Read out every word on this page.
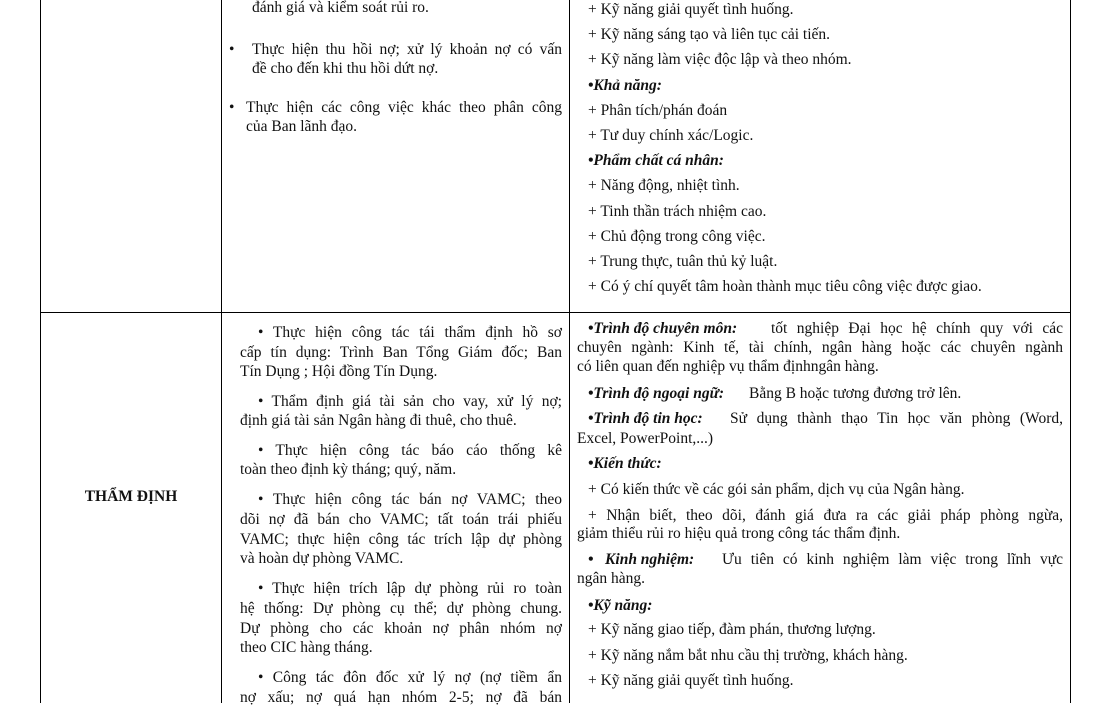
đánh giá và kiểm soát rủi ro.
• Thực hiện thu hồi nợ; xử lý khoản nợ có vấn
đề cho đến khi thu hồi dứt nợ.
• Thực hiện các công việc khác theo phân công
của Ban lãnh đạo.
+ Kỹ năng giải quyết tình huống.
+ Kỹ năng sáng tạo và liên tục cải tiến.
+ Kỹ năng làm việc độc lập và theo nhóm.
•Khả năng:
+ Phân tích/phán đoán
+ Tư duy chính xác/Logic.
•Phẩm chất cá nhân:
+ Năng động, nhiệt tình.
+ Tinh thần trách nhiệm cao.
+ Chủ động trong công việc.
+ Trung thực, tuân thủ kỷ luật.
+ Có ý chí quyết tâm hoàn thành mục tiêu công việc được giao.
THẨM ĐỊNH
• Thực hiện công tác tái thẩm định hồ sơ
cấp tín dụng: Trình Ban Tổng Giám đốc; Ban
Tín Dụng ; Hội đồng Tín Dụng.
• Thẩm định giá tài sản cho vay, xử lý nợ;
định giá tài sản Ngân hàng đi thuê, cho thuê.
• Thực hiện công tác báo cáo thống kê
toàn theo định kỳ tháng; quý, năm.
• Thực hiện công tác bán nợ VAMC; theo
dõi nợ đã bán cho VAMC; tất toán trái phiếu
VAMC; thực hiện công tác trích lập dự phòng
và hoàn dự phòng VAMC.
• Thực hiện trích lập dự phòng rủi ro toàn
hệ thống: Dự phòng cụ thể; dự phòng chung.
Dự phòng cho các khoản nợ phân nhóm nợ
theo CIC hàng tháng.
• Công tác đôn đốc xử lý nợ (nợ tiềm ẩn
nợ xấu; nợ quá hạn nhóm 2-5; nợ đã bán
•Trình độ chuyên môn: tốt nghiệp Đại học hệ chính quy với các
chuyên ngành: Kinh tế, tài chính, ngân hàng hoặc các chuyên ngành
có liên quan đến nghiệp vụ thẩm địnhngân hàng.
•Trình độ ngoại ngữ: Bằng B hoặc tương đương trở lên.
•Trình độ tin học: Sử dụng thành thạo Tin học văn phòng (Word,
Excel, PowerPoint,...)
•Kiến thức:
+ Có kiến thức về các gói sản phẩm, dịch vụ của Ngân hàng.
+ Nhận biết, theo dõi, đánh giá đưa ra các giải pháp phòng ngừa,
giảm thiểu rủi ro hiệu quả trong công tác thẩm định.
•   Kinh nghiệm: Ưu tiên có kinh nghiệm làm việc trong lĩnh vực
ngân hàng.
•Kỹ năng:
+ Kỹ năng giao tiếp, đàm phán, thương lượng.
+ Kỹ năng nắm bắt nhu cầu thị trường, khách hàng.
+ Kỹ năng giải quyết tình huống.
